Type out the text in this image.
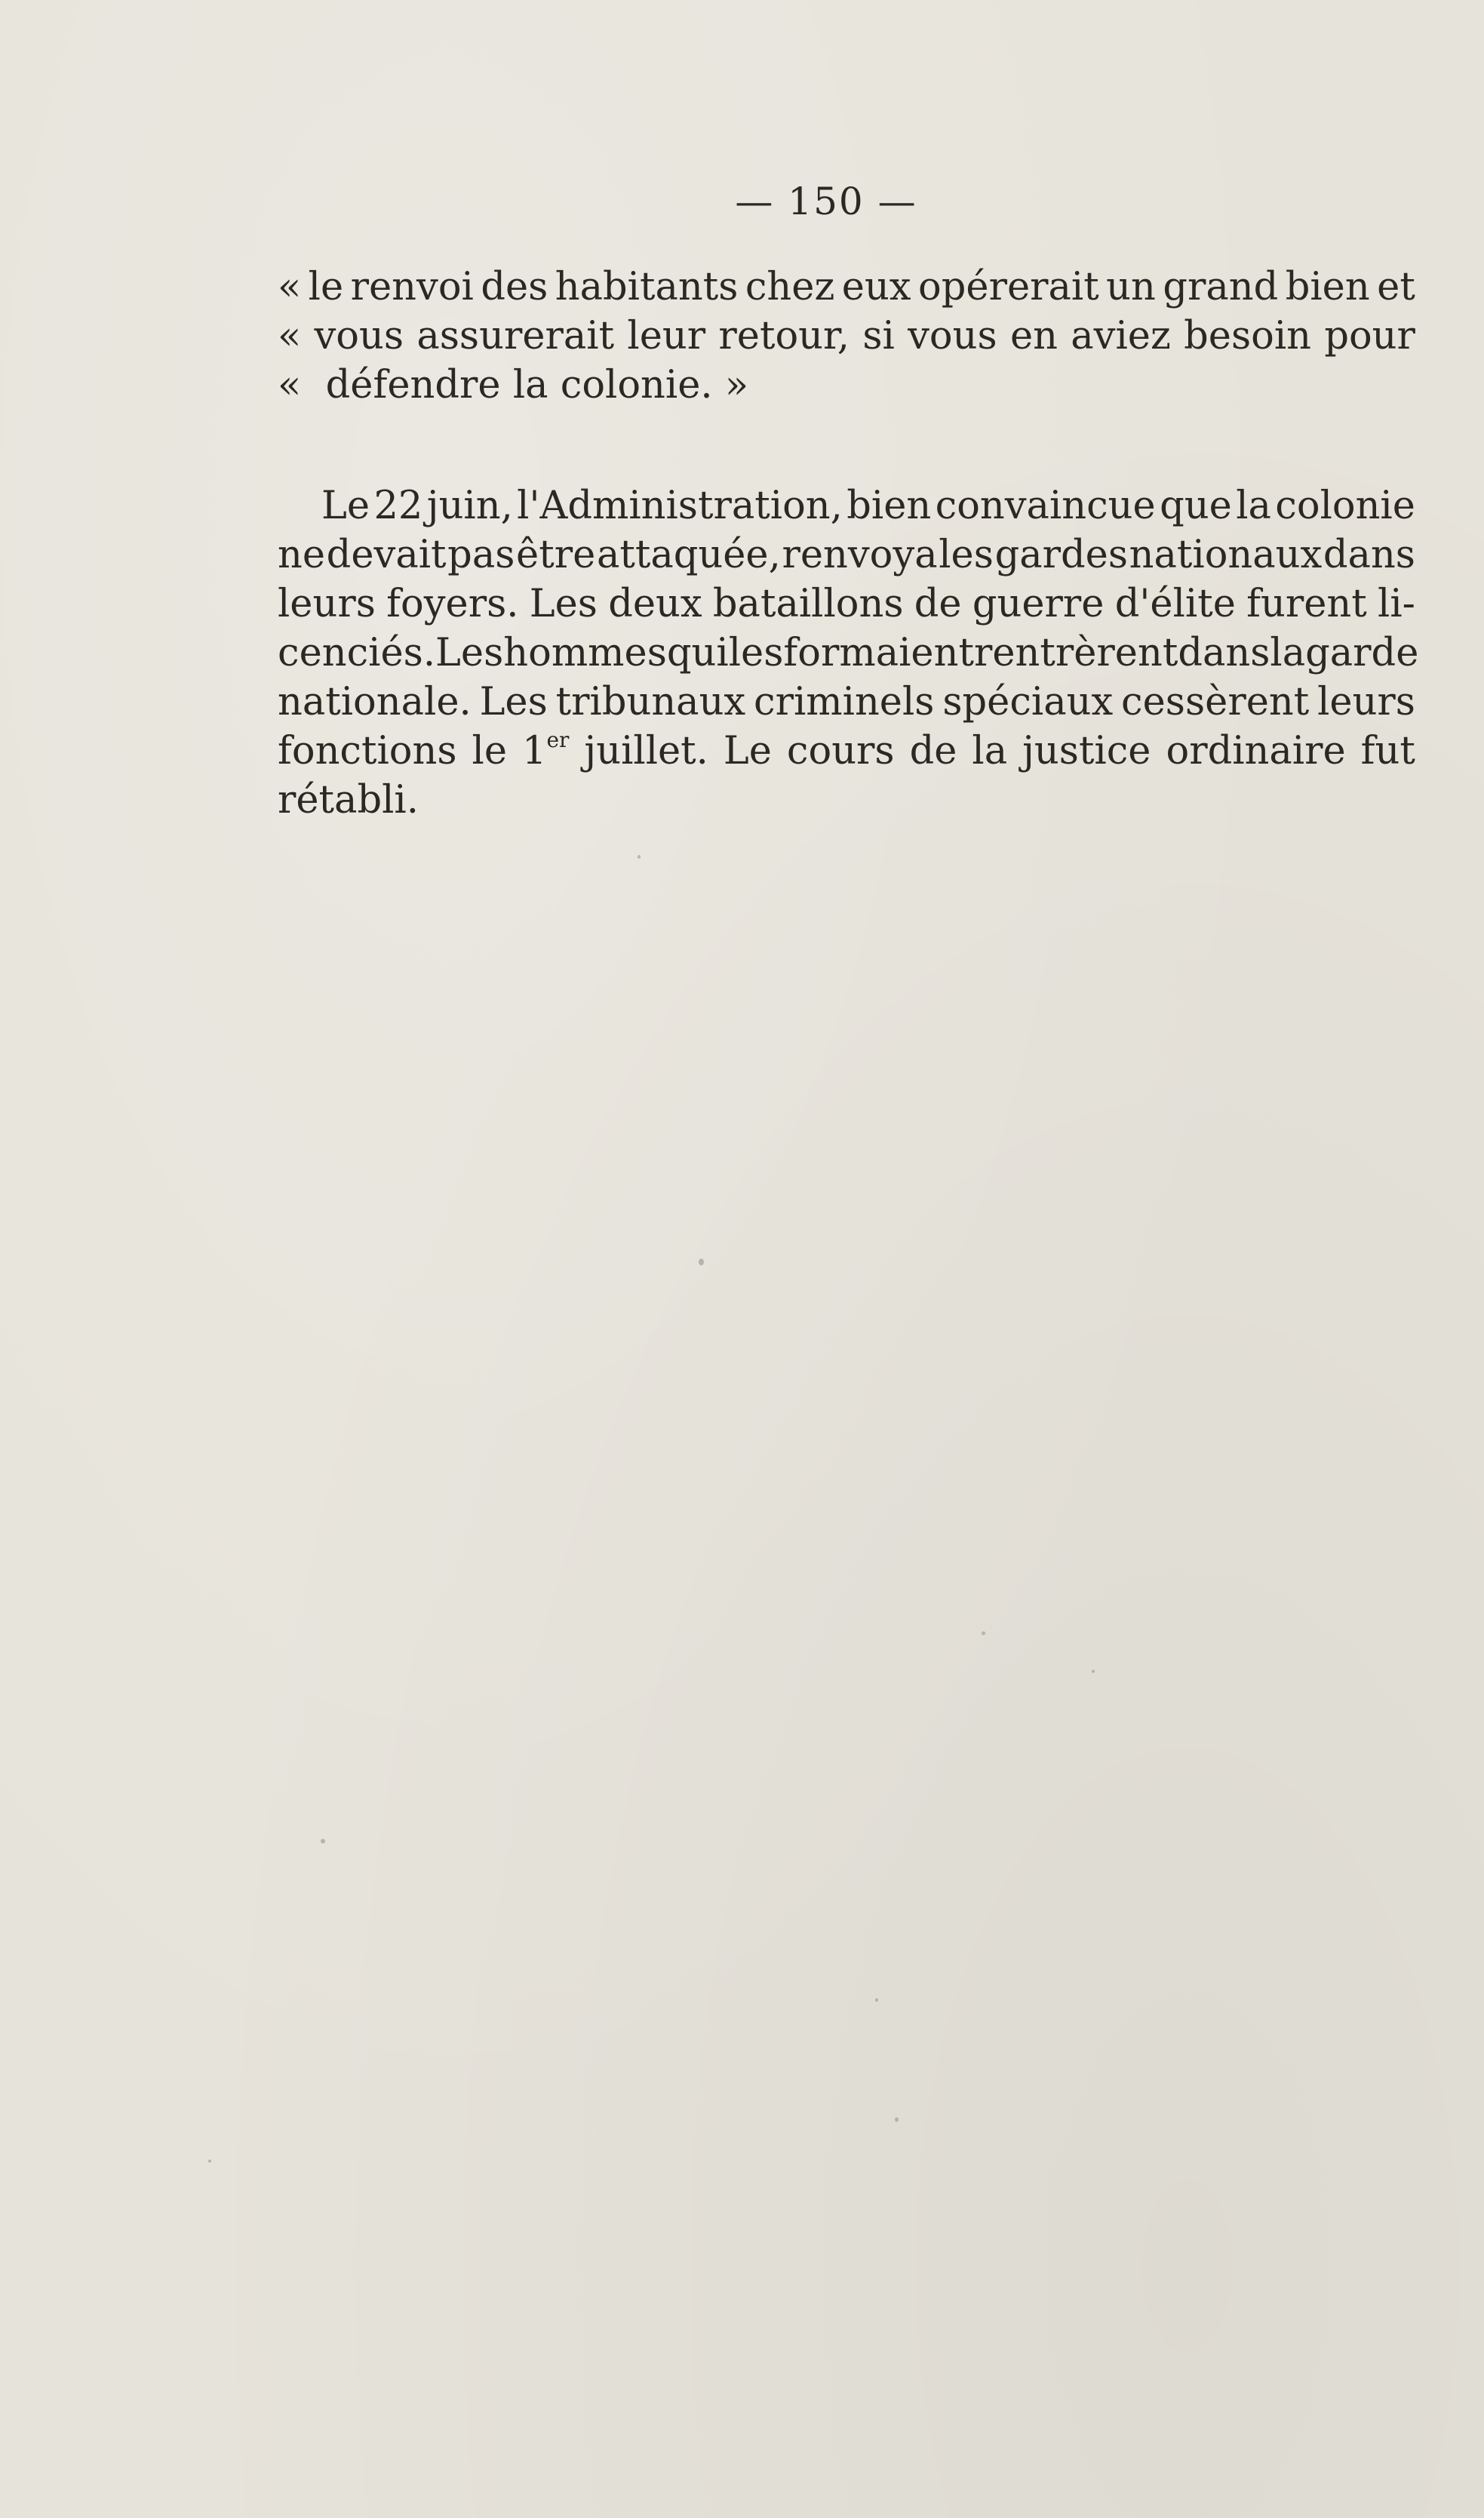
— 150 —
« le renvoi des habitants chez eux opérerait un grand bien et
« vous assurerait leur retour, si vous en aviez besoin pour
«
défendre
la
colonie.
»
Le 22 juin, l'Administration, bien convaincue que la colonie
ne devait pas être attaquée, renvoya les gardes nationaux dans
leurs foyers. Les deux bataillons de guerre d'élite furent li-
cenciés. Les hommes qui les formaient rentrèrent dans la garde
nationale. Les tribunaux criminels spéciaux cessèrent leurs
fonctions le 1er juillet. Le cours de la justice ordinaire fut
rétabli.
